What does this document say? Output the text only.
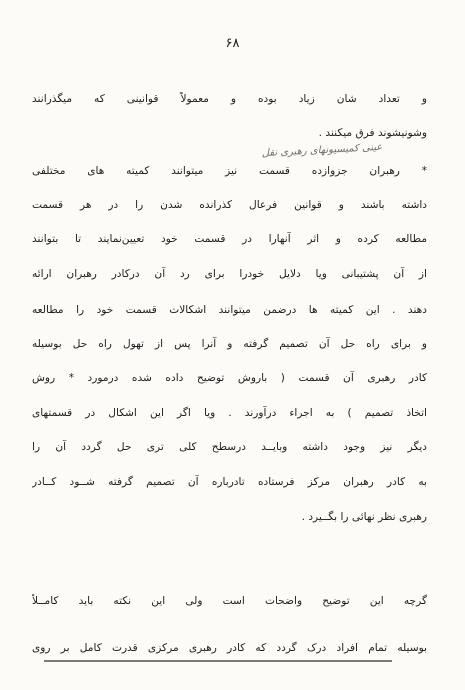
۶۸
و تعداد شان زیاد بوده و معمولاً قوانینی که میگذرانند
وشونیشوند فرق میکنند .
عینی کمیسیونهای رهبری نقل
* رهبران جزوازده قسمت نیز میتوانند کمیته های مختلفی
داشته باشند و قوانین فرعال کذرانده شدن را در هر قسمت
مطالعه کرده و اثر آنهارا در قسمت خود تعیین‌نمایند تا بتوانند
از آن پشتیبانی ویا دلایل خودرا برای رد آن درکادر رهبران ارائه
دهند . این کمیته ها درضمن میتوانند اشکالات قسمت خود را مطالعه
و برای راه حل آن تصمیم گرفته و آنرا پس از تهول راه حل بوسیله
کادر رهبری آن قسمت ( باروش توضیح داده شده درمورد * روش
اتخاذ تصمیم ) به اجراء درآورند . ویا اگر این اشکال در قسمتهای
دیگر نیز وجود داشته وبایــد درسطح کلی تری حل گردد آن را
به کادر رهبران مرکز فرستاده تادرباره آن تصمیم گرفته شــود کــادر
رهبری نظر نهائی را بگــیرد .
گرچه این توضیح واضحات است ولی این نکته باید کامــلاً
بوسیله تمام افراد درک گردد که کادر رهبری مرکزی قدرت کامل بر روی
